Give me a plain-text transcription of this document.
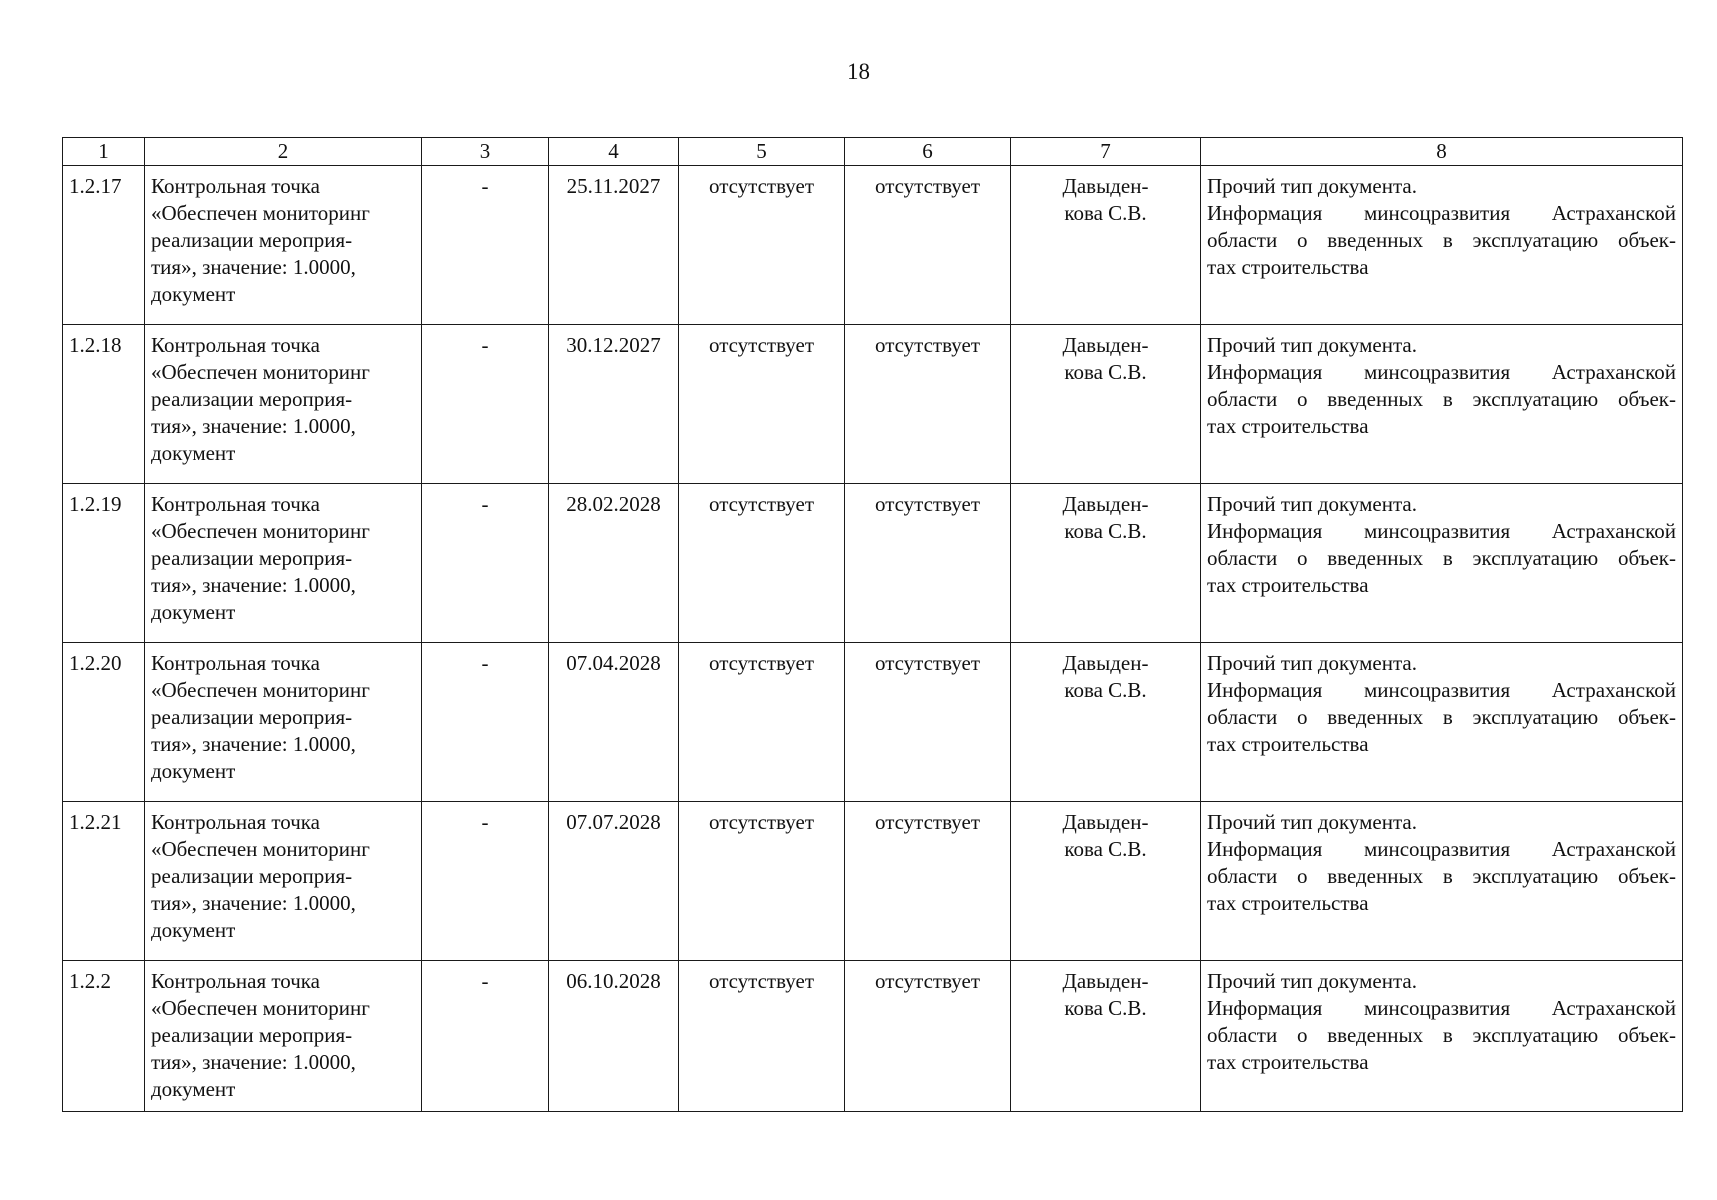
18
1	2	3	4	5	6	7	8
1.2.17	Контрольная точка
«Обеспечен мониторинг
реализации мероприя-
тия», значение: 1.0000,
документ	-	25.11.2027	отсутствует	отсутствует	Давыден-
кова С.В.	Прочий тип документа.
Информация минсоцразвития Астраханской
области о введенных в эксплуатацию объек-
тах строительства

1.2.18	Контрольная точка
«Обеспечен мониторинг
реализации мероприя-
тия», значение: 1.0000,
документ	-	30.12.2027	отсутствует	отсутствует	Давыден-
кова С.В.	Прочий тип документа.
Информация минсоцразвития Астраханской
области о введенных в эксплуатацию объек-
тах строительства

1.2.19	Контрольная точка
«Обеспечен мониторинг
реализации мероприя-
тия», значение: 1.0000,
документ	-	28.02.2028	отсутствует	отсутствует	Давыден-
кова С.В.	Прочий тип документа.
Информация минсоцразвития Астраханской
области о введенных в эксплуатацию объек-
тах строительства

1.2.20	Контрольная точка
«Обеспечен мониторинг
реализации мероприя-
тия», значение: 1.0000,
документ	-	07.04.2028	отсутствует	отсутствует	Давыден-
кова С.В.	Прочий тип документа.
Информация минсоцразвития Астраханской
области о введенных в эксплуатацию объек-
тах строительства

1.2.21	Контрольная точка
«Обеспечен мониторинг
реализации мероприя-
тия», значение: 1.0000,
документ	-	07.07.2028	отсутствует	отсутствует	Давыден-
кова С.В.	Прочий тип документа.
Информация минсоцразвития Астраханской
области о введенных в эксплуатацию объек-
тах строительства

1.2.2	Контрольная точка
«Обеспечен мониторинг
реализации мероприя-
тия», значение: 1.0000,
документ	-	06.10.2028	отсутствует	отсутствует	Давыден-
кова С.В.	Прочий тип документа.
Информация минсоцразвития Астраханской
области о введенных в эксплуатацию объек-
тах строительства
